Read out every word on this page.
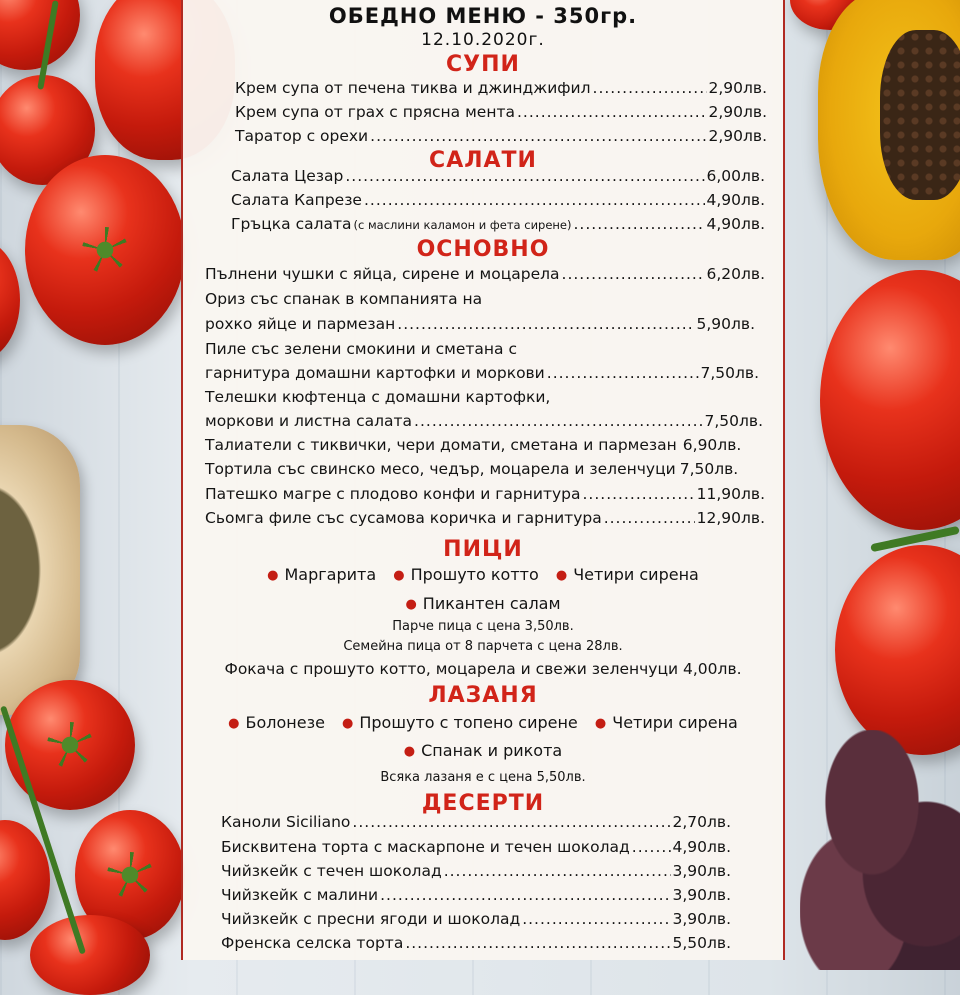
ОБЕДНО МЕНЮ - 350гр.
12.10.2020г.
СУПИ
Крем супа от печена тиква и джинджифил .....	2,90лв.
Крем супа от грах с прясна мента .....	2,90лв.
Таратор с орехи .....	2,90лв.
САЛАТИ
Салата Цезар .....	6,00лв.
Салата Капрезе .....	4,90лв.
Гръцка салата (с маслини каламон и фета сирене) .....	4,90лв.
ОСНОВНО
Пълнени чушки с яйца, сирене и моцарела .....	6,20лв.
Ориз със спанак в компанията на
рохко яйце и пармезан .....	5,90лв.
Пиле със зелени смокини и сметана с
гарнитура домашни картофки и моркови .....	7,50лв.
Телешки кюфтенца с домашни картофки,
моркови и листна салата .....	7,50лв.
Талиатели с тиквички, чери домати, сметана и пармезан 6,90лв.
Тортила със свинско месо, чедър, моцарела и зеленчуци 7,50лв.
Патешко магре с плодово конфи и гарнитура .....	11,90лв.
Сьомга филе със сусамова коричка и гарнитура .....	12,90лв.
ПИЦИ
● Маргарита ● Прошуто котто ● Четири сирена
● Пикантен салам
Парче пица с цена 3,50лв.
Семейна пица от 8 парчета с цена 28лв.
Фокача с прошуто котто, моцарела и свежи зеленчуци 4,00лв.
ЛАЗАНЯ
● Болонезе ● Прошуто с топено сирене ● Четири сирена
● Спанак и рикота
Всяка лазаня е с цена 5,50лв.
ДЕСЕРТИ
Каноли Siciliano .....	2,70лв.
Бисквитена торта с маскарпоне и течен шоколад .....	4,90лв.
Чийзкейк с течен шоколад .....	3,90лв.
Чийзкейк с малини .....	3,90лв.
Чийзкейк с пресни ягоди и шоколад .....	3,90лв.
Френска селска торта .....	5,50лв.
